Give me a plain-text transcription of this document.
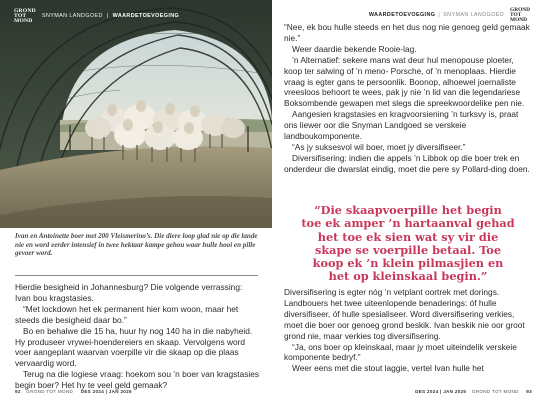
GROND
TOT
MOND
SNYMAN LANDGOED | WAARDETOEVOEGING
Ivan en Antoinette boer met 200 Vleismerino’s. Die diere loop glad nie op die lande nie en word eerder intensief in twee hektaar kampe gehou waar hulle hooi en pille gevoer word.

Hierdie besigheid in Johannesburg? Die volgende verrassing: Ivan bou kragstasies.

“Met lockdown het ek permanent hier kom woon, maar het steeds die besigheid daar bo.”

Bo en behalwe die 15 ha, huur hy nog 140 ha in die nabyheid. Hy produseer vrywei-hoendereiers en skaap. Vervolgens word voer aangeplant waarvan voerpille vir die skaap op die plaas vervaardig word.

Terug na die logiese vraag: hoekom sou ’n boer van kragstasies begin boer? Het hy te veel geld gemaak?

92 GROND TOT MOND DES 2024 | JAN 2025
WAARDETOEVOEGING | SNYMAN LANDGOED
GROND
TOT
MOND

“Nee, ek bou hulle steeds en het dus nog nie genoeg geld gemaak nie.”

Weer daardie bekende Rooie-lag.

’n Alternatief: sekere mans wat deur hul menopouse ploeter, koop ter salwing of ’n meno- Porsche, of ’n menoplaas. Hierdie vraag is egter gans te persoonlik. Boonop, alhoewel joernaliste vreesloos behoort te wees, pak jy nie ’n lid van die legendariese Boksombende gewapen met slegs die spreekwoordelike pen nie.

Aangesien kragstasies en kragvoorsiening ’n turksvy is, praat ons liewer oor die Snyman Landgoed se verskeie landboukomponente.

“As jy suksesvol wil boer, moet jy diversifiseer.”

Diversifisering: indien die appels ’n Libbok op die boer trek en onderdeur die dwarslat eindig, moet die pere sy Pollard-ding doen.

“Die skaapvoerpille het begin
toe ek amper ’n hartaanval gehad
het toe ek sien wat sy vir die
skape se voerpille betaal. Toe
koop ek ’n klein pilmasjien en
het op kleinskaal begin.”

Diversifisering is egter nóg ’n vetplant oortrek met dorings. Landbouers het twee uiteenlopende benaderings: óf hulle diversifiseer, óf hulle spesialiseer. Word diversifisering verkies, moet die boer oor genoeg grond beskik. Ivan beskik nie oor groot grond nie, maar verkies tog diversifisering.

“Ja, ons boer op kleinskaal, maar jy moet uiteindelik verskeie komponente bedryf.”

Weer eens met die stout laggie, vertel Ivan hulle het

DES 2024 | JAN 2025 GROND TOT MOND 93
